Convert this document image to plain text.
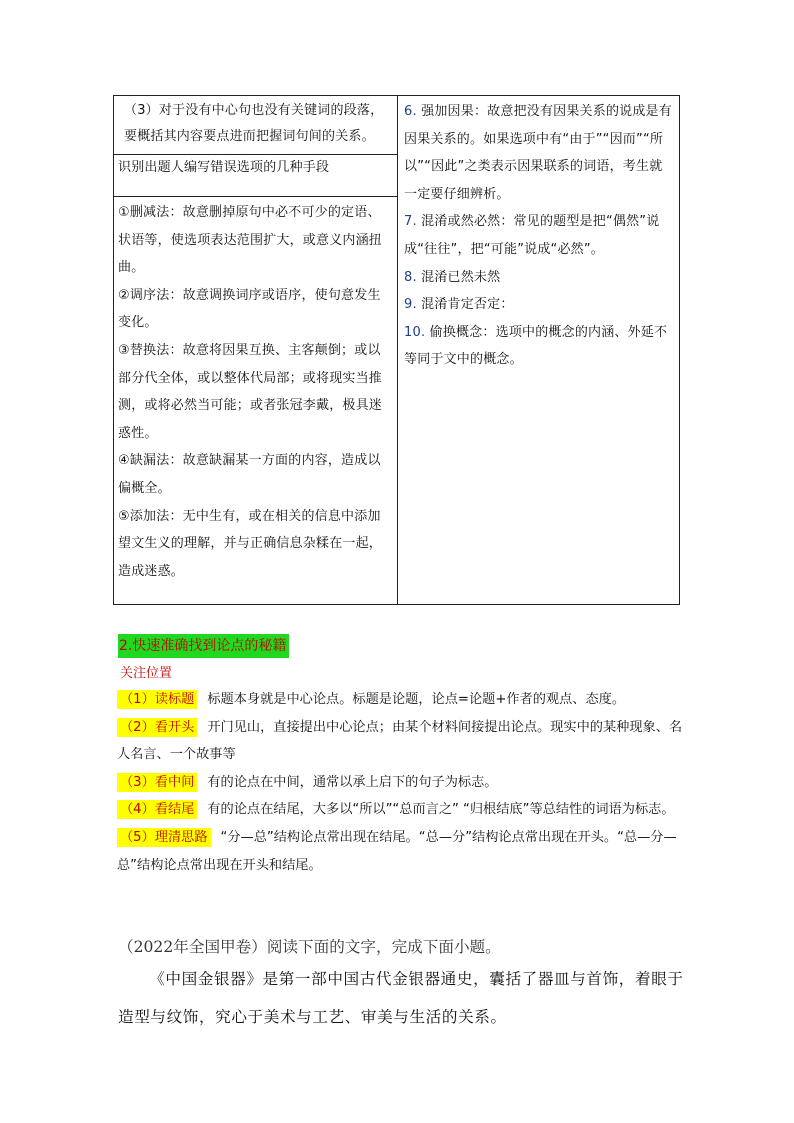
（3）对于没有中心句也没有关键词的段落，要概括其内容要点进而把握词句间的关系。

识别出题人编写错误选项的几种手段

①删减法：故意删掉原句中必不可少的定语、状语等，使选项表达范围扩大，或意义内涵扭曲。

②调序法：故意调换词序或语序，使句意发生变化。

③替换法：故意将因果互换、主客颠倒；或以部分代全体，或以整体代局部；或将现实当推测，或将必然当可能；或者张冠李戴，极具迷惑性。

④缺漏法：故意缺漏某一方面的内容，造成以偏概全。

⑤添加法：无中生有，或在相关的信息中添加望文生义的理解，并与正确信息杂糅在一起，造成迷惑。

6. 强加因果：故意把没有因果关系的说成是有因果关系的。如果选项中有“由于”“因而”“所以”“因此”之类表示因果联系的词语，考生就一定要仔细辨析。

7. 混淆或然必然：常见的题型是把“偶然”说成“往往”，把“可能”说成“必然”。

8. 混淆已然未然

9. 混淆肯定否定：

10. 偷换概念：选项中的概念的内涵、外延不等同于文中的概念。

2.快速准确找到论点的秘籍
关注位置

（1）读标题 标题本身就是中心论点。标题是论题，论点=论题+作者的观点、态度。

（2）看开头 开门见山，直接提出中心论点；由某个材料间接提出论点。现实中的某种现象、名人名言、一个故事等

（3）看中间 有的论点在中间，通常以承上启下的句子为标志。

（4）看结尾 有的论点在结尾，大多以“所以”“总而言之” “归根结底”等总结性的词语为标志。

（5）理清思路 “分—总”结构论点常出现在结尾。“总—分”结构论点常出现在开头。“总—分—总”结构论点常出现在开头和结尾。

（2022年全国甲卷）阅读下面的文字，完成下面小题。

《中国金银器》是第一部中国古代金银器通史，囊括了器皿与首饰，着眼于造型与纹饰，究心于美术与工艺、审美与生活的关系。
